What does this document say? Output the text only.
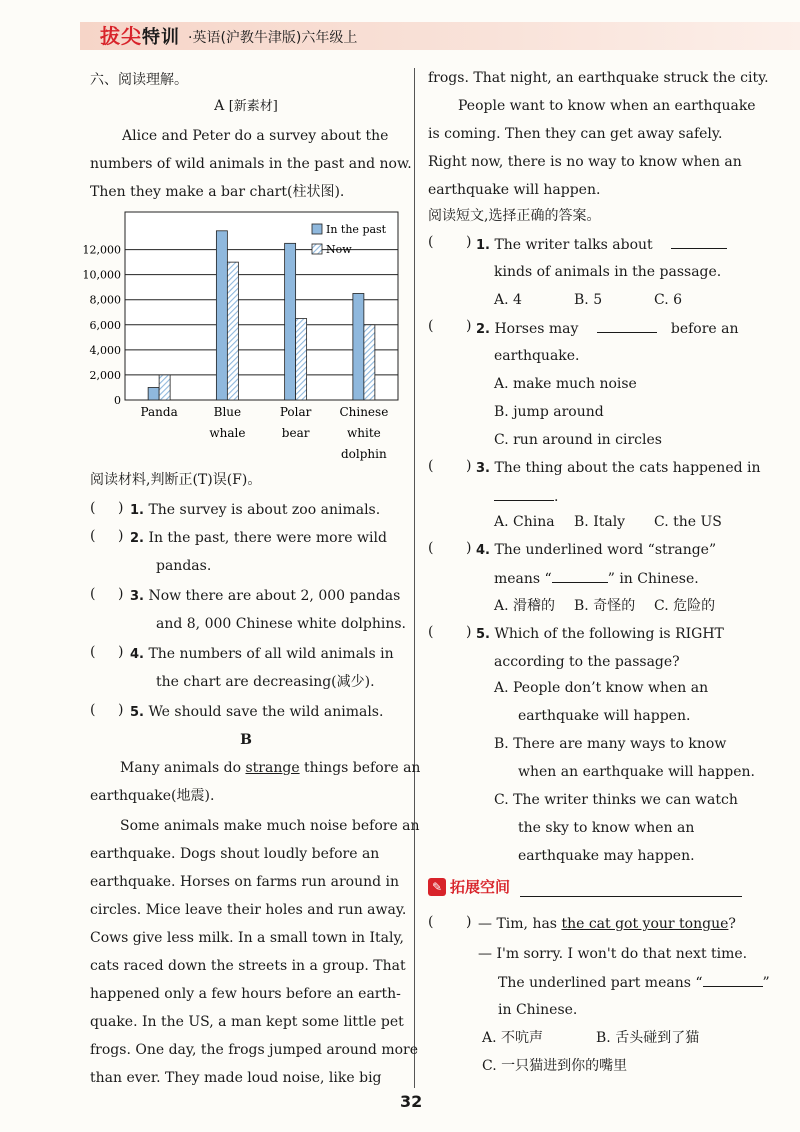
拔尖特训 ·英语(沪教牛津版)六年级上
六、阅读理解。
A [新素材]
Alice and Peter do a survey about the
numbers of wild animals in the past and now.
Then they make a bar chart(柱状图).
0
2,000
4,000
6,000
8,000
10,000
12,000
Panda	Blue
whale
Polar
bear
Chinese
white
dolphin
In the past
Now
阅读材料,判断正(T)误(F)。
( ) 1. The survey is about zoo animals.
( ) 2. In the past, there were more wild
pandas.
( ) 3. Now there are about 2, 000 pandas
and 8, 000 Chinese white dolphins.
( ) 4. The numbers of all wild animals in
the chart are decreasing(减少).
( ) 5. We should save the wild animals.
B
Many animals do strange things before an
earthquake(地震).
Some animals make much noise before an
earthquake. Dogs shout loudly before an
earthquake. Horses on farms run around in
circles. Mice leave their holes and run away.
Cows give less milk. In a small town in Italy,
cats raced down the streets in a group. That
happened only a few hours before an earth-
quake. In the US, a man kept some little pet
frogs. One day, the frogs jumped around more
than ever. They made loud noise, like big
frogs. That night, an earthquake struck the city.
People want to know when an earthquake
is coming. Then they can get away safely.
Right now, there is no way to know when an
earthquake will happen.
阅读短文,选择正确的答案。
( ) 1. The writer talks about
kinds of animals in the passage.
A. 4	B. 5	C. 6
( ) 2. Horses may	before an
earthquake.
A. make much noise
B. jump around
C. run around in circles
( ) 3. The thing about the cats happened in
.
A. China B. Italy C. the US
( ) 4. The underlined word “strange”
means “	” in Chinese.
A. 滑稽的 B. 奇怪的 C. 危险的
( ) 5. Which of the following is RIGHT
according to the passage?
A. People don’t know when an
earthquake will happen.
B. There are many ways to know
when an earthquake will happen.
C. The writer thinks we can watch
the sky to know when an
earthquake may happen.
( ) — Tim, has the cat got your tongue?
— I'm sorry. I won't do that next time.
The underlined part means “	”
in Chinese.
A. 不吭声	B. 舌头碰到了猫
C. 一只猫进到你的嘴里
✎ 拓展空间
32
